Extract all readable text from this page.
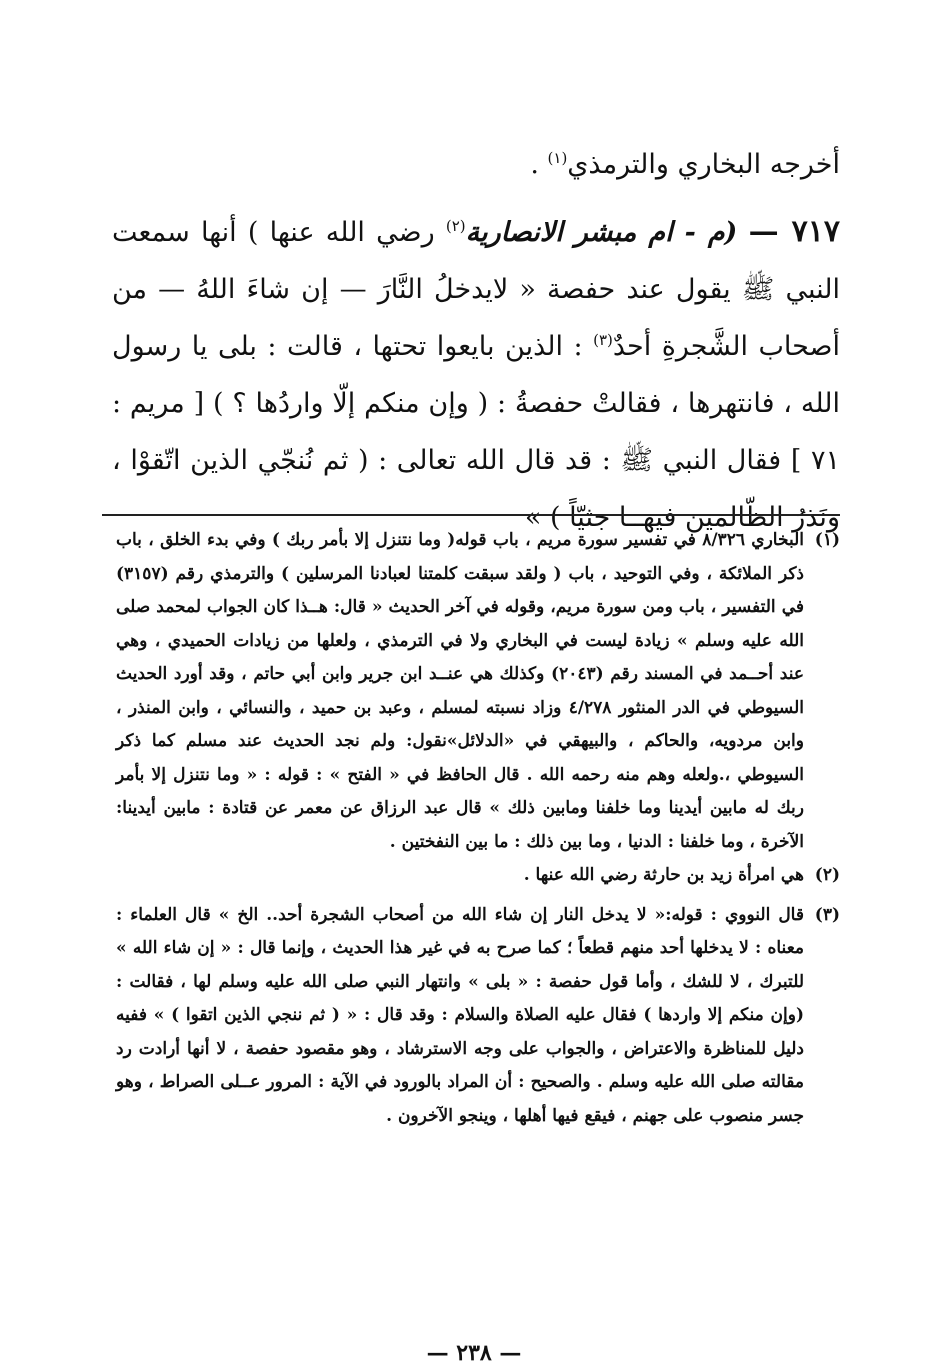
أخرجه البخاري والترمذي$^{(١)}$ .

٧١٧ — (م - ام مبشر الانصارية$^{(٢)}$ رضي الله عنها ) أنها سمعت النبي ﷺ يقول عند حفصة « لايدخلُ النَّارَ — إن شاءَ اللهُ — من أصحاب الشَّجرةِ أحدٌ$^{(٣)}$ : الذين بايعوا تحتها ، قالت : بلى يا رسول الله ، فانتهرها ، فقالتْ حفصةُ : ( وإن منكم إلّا واردُها ؟ ) [ مريم : ٧١ ] فقال النبي ﷺ : قد قال الله تعالى : ( ثم نُنجّي الذين اتّقوْا ، ونَذرُ الظّالمين فيهــا جثيّاً ) »

(١)
البخاري ٨/٣٢٦ في تفسير سورة مريم ، باب قوله( وما نتنزل إلا بأمر ربك ) وفي بدء الخلق ، باب ذكر الملائكة ، وفي التوحيد ، باب ( ولقد سبقت كلمتنا لعبادنا المرسلين ) والترمذي رقم (٣١٥٧) في التفسير ، باب ومن سورة مريم، وقوله في آخر الحديث « قال: هــذا كان الجواب لمحمد صلى الله عليه وسلم » زيادة ليست في البخاري ولا في الترمذي ، ولعلها من زيادات الحميدي ، وهي عند أحــمد في المسند رقم (٢٠٤٣) وكذلك هي عنــد ابن جرير وابن أبي حاتم ، وقد أورد الحديث السيوطي في الدر المنثور ٤/٢٧٨ وزاد نسبته لمسلم ، وعبد بن حميد ، والنسائي ، وابن المنذر ، وابن مردويه، والحاكم ، والبيهقي في «الدلائل»نقول: ولم نجد الحديث عند مسلم كما ذكر السيوطي ،.ولعله وهم منه رحمه الله . قال الحافظ في « الفتح » : قوله : « وما نتنزل إلا بأمر ربك له مابين أيدينا وما خلفنا ومابين ذلك » قال عبد الرزاق عن معمر عن قتادة : مابين أيدينا: الآخرة ، وما خلفنا : الدنيا ، وما بين ذلك : ما بين النفختين .
(٢)
هي امرأة زيد بن حارثة رضي الله عنها .
(٣)
قال النووي : قوله:« لا يدخل النار إن شاء الله من أصحاب الشجرة أحد.. الخ » قال العلماء : معناه : لا يدخلها أحد منهم قطعاً ؛ كما صرح به في غير هذا الحديث ، وإنما قال : « إن شاء الله » للتبرك ، لا للشك ، وأما قول حفصة : « بلى » وانتهار النبي صلى الله عليه وسلم لها ، فقالت : (وإن منكم إلا واردها ) فقال عليه الصلاة والسلام : وقد قال : « ( ثم ننجي الذين اتقوا ) » ففيه دليل للمناظرة والاعتراض ، والجواب على وجه الاسترشاد ، وهو مقصود حفصة ، لا أنها أرادت رد مقالته صلى الله عليه وسلم . والصحيح : أن المراد بالورود في الآية : المرور عــلى الصراط ، وهو جسر منصوب على جهنم ، فيقع فيها أهلها ، وينجو الآخرون .
— ٢٣٨ —
